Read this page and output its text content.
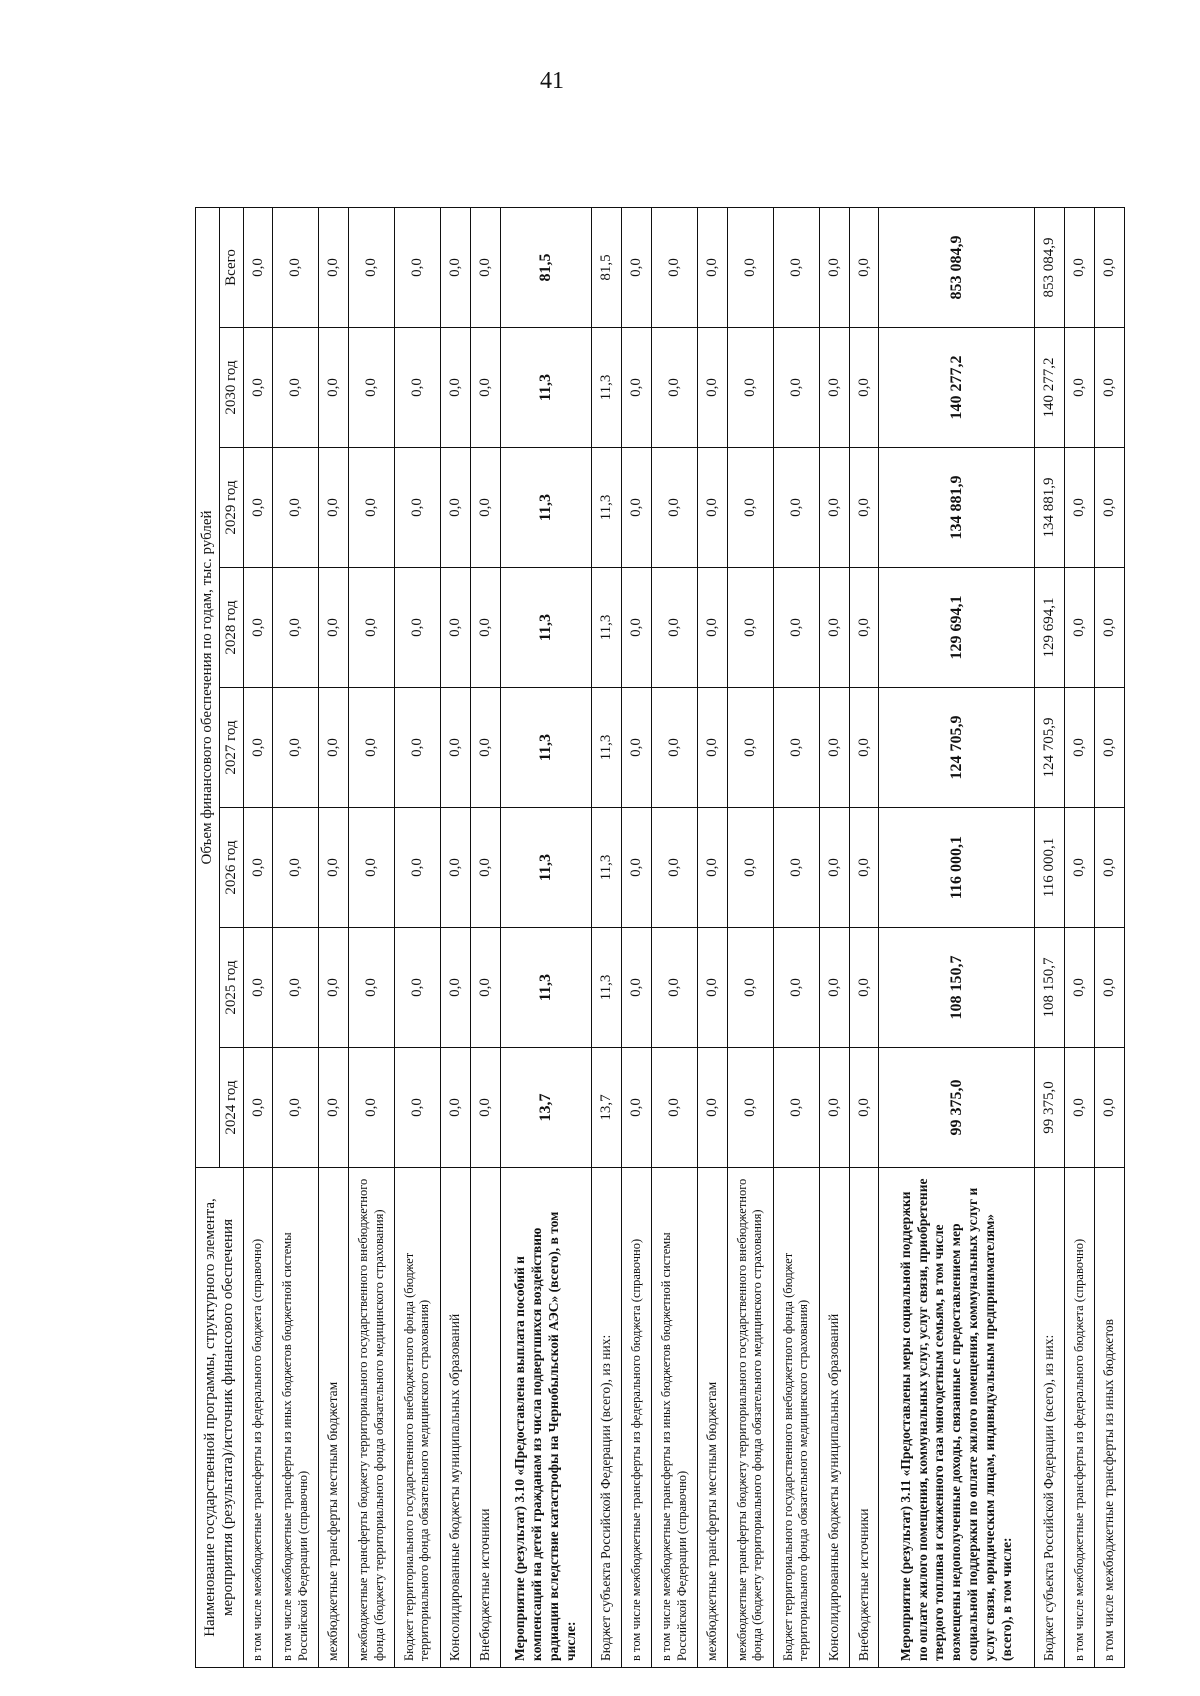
41
Наименование государственной программы, структурного элемента, мероприятия (результата)/источник финансового обеспечения	Объем финансового обеспечения по годам, тыс. рублей							
	2024 год	2025 год	2026 год	2027 год	2028 год	2029 год	2030 год	Всего
в том числе межбюджетные трансферты из федерального бюджета (справочно)	0,0	0,0	0,0	0,0	0,0	0,0	0,0	0,0
в том числе межбюджетные трансферты из иных бюджетов бюджетной системы Российской Федерации (справочно)	0,0	0,0	0,0	0,0	0,0	0,0	0,0	0,0
межбюджетные трансферты местным бюджетам	0,0	0,0	0,0	0,0	0,0	0,0	0,0	0,0
межбюджетные трансферты бюджету территориального государственного внебюджетного фонда (бюджету территориального фонда обязательного медицинского страхования)	0,0	0,0	0,0	0,0	0,0	0,0	0,0	0,0
Бюджет территориального государственного внебюджетного фонда (бюджет территориального фонда обязательного медицинского страхования)	0,0	0,0	0,0	0,0	0,0	0,0	0,0	0,0
Консолидированные бюджеты муниципальных образований	0,0	0,0	0,0	0,0	0,0	0,0	0,0	0,0
Внебюджетные источники	0,0	0,0	0,0	0,0	0,0	0,0	0,0	0,0
Мероприятие (результат) 3.10 «Предоставлена выплата пособий и компенсаций на детей гражданам из числа подвергшихся воздействию радиации вследствие катастрофы на Чернобыльской АЭС» (всего), в том числе:	13,7	11,3	11,3	11,3	11,3	11,3	11,3	81,5
Бюджет субъекта Российской Федерации (всего), из них:	13,7	11,3	11,3	11,3	11,3	11,3	11,3	81,5
в том числе межбюджетные трансферты из федерального бюджета (справочно)	0,0	0,0	0,0	0,0	0,0	0,0	0,0	0,0
в том числе межбюджетные трансферты из иных бюджетов бюджетной системы Российской Федерации (справочно)	0,0	0,0	0,0	0,0	0,0	0,0	0,0	0,0
межбюджетные трансферты местным бюджетам	0,0	0,0	0,0	0,0	0,0	0,0	0,0	0,0
межбюджетные трансферты бюджету территориального государственного внебюджетного фонда (бюджету территориального фонда обязательного медицинского страхования)	0,0	0,0	0,0	0,0	0,0	0,0	0,0	0,0
Бюджет территориального государственного внебюджетного фонда (бюджет территориального фонда обязательного медицинского страхования)	0,0	0,0	0,0	0,0	0,0	0,0	0,0	0,0
Консолидированные бюджеты муниципальных образований	0,0	0,0	0,0	0,0	0,0	0,0	0,0	0,0
Внебюджетные источники	0,0	0,0	0,0	0,0	0,0	0,0	0,0	0,0
Мероприятие (результат) 3.11 «Предоставлены меры социальной поддержки по оплате жилого помещения, коммунальных услуг, услуг связи, приобретение твердого топлива и сжиженного газа многодетным семьям, в том числе возмещены недополученные доходы, связанные с предоставлением мер социальной поддержки по оплате жилого помещения, коммунальных услуг и услуг связи, юридическим лицам, индивидуальным предпринимателям» (всего), в том числе:	99 375,0	108 150,7	116 000,1	124 705,9	129 694,1	134 881,9	140 277,2	853 084,9
Бюджет субъекта Российской Федерации (всего), из них:	99 375,0	108 150,7	116 000,1	124 705,9	129 694,1	134 881,9	140 277,2	853 084,9
в том числе межбюджетные трансферты из федерального бюджета (справочно)	0,0	0,0	0,0	0,0	0,0	0,0	0,0	0,0
в том числе межбюджетные трансферты из иных бюджетов	0,0	0,0	0,0	0,0	0,0	0,0	0,0	0,0
